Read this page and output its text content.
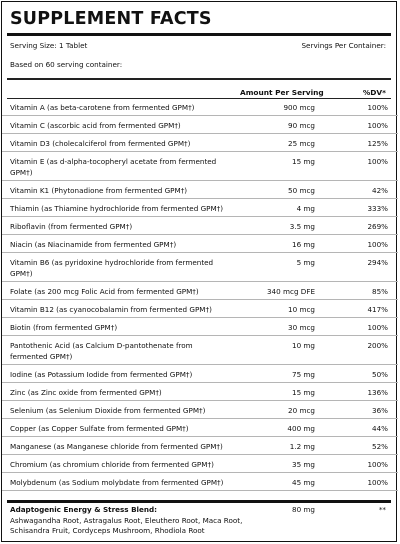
SUPPLEMENT FACTS
Serving Size: 1 Tablet	Servings Per Container:
Based on 60 serving container:
Amount Per Serving	%DV*
Vitamin A (as beta-carotene from fermented GPM†)	900 mcg	100%
Vitamin C (ascorbic acid from fermented GPM†)	90 mcg	100%
Vitamin D3 (cholecalciferol from fermented GPM†)	25 mcg	125%
Vitamin E (as d-alpha-tocopheryl acetate from fermented GPM†)
15 mg	100%
Vitamin K1 (Phytonadione from fermented GPM†)	50 mcg	42%
Thiamin (as Thiamine hydrochloride from fermented GPM†)	4 mg	333%
Riboflavin (from fermented GPM†)	3.5 mg	269%
Niacin (as Niacinamide from fermented GPM†)	16 mg	100%
Vitamin B6 (as pyridoxine hydrochloride from fermented GPM†)
5 mg	294%
Folate (as 200 mcg Folic Acid from fermented GPM†)	340 mcg DFE	85%
Vitamin B12 (as cyanocobalamin from fermented GPM†)	10 mcg	417%
Biotin (from fermented GPM†)	30 mcg	100%
Pantothenic Acid (as Calcium D-pantothenate from fermented GPM†)
10 mg	200%
Iodine (as Potassium Iodide from fermented GPM†)	75 mg	50%
Zinc (as Zinc oxide from fermented GPM†)	15 mg	136%
Selenium (as Selenium Dioxide from fermented GPM†)	20 mcg	36%
Copper (as Copper Sulfate from fermented GPM†)	400 mg	44%
Manganese (as Manganese chloride from fermented GPM†)	1.2 mg	52%
Chromium (as chromium chloride from fermented GPM†)	35 mg	100%
Molybdenum (as Sodium molybdate from fermented GPM†)	45 mg	100%
Adaptogenic Energy & Stress Blend:
Ashwagandha Root, Astragalus Root, Eleuthero Root, Maca Root, Schisandra Fruit, Cordyceps Mushroom, Rhodiola Root
80 mg	**
